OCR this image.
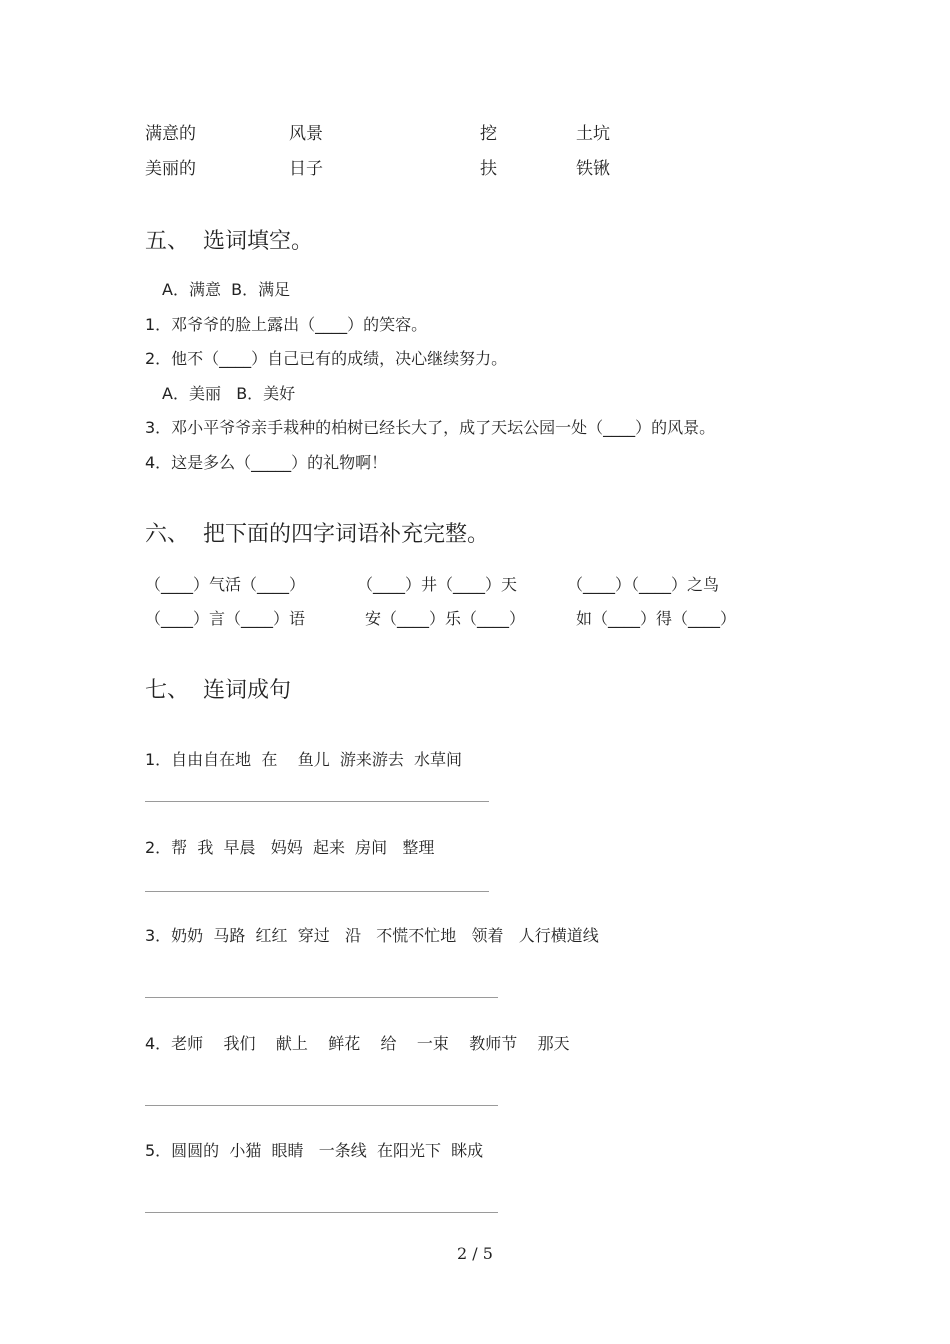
满意的	风景	挖	土坑
美丽的	日子	扶	铁锹
五、  选词填空。
A．满意  B．满足
1．邓爷爷的脸上露出（____）的笑容。
2．他不（____）自己已有的成绩，决心继续努力。
A．美丽   B．美好
3．邓小平爷爷亲手栽种的柏树已经长大了，成了天坛公园一处（____）的风景。
4．这是多么（_____）的礼物啊！
六、  把下面的四字词语补充完整。
（____）气活（____）	（____）井（____）天	（____）（____）之鸟
（____）言（____）语	安（____）乐（____）	如（____）得（____）
七、  连词成句
1．自由自在地  在    鱼儿  游来游去  水草间
2．帮  我  早晨   妈妈  起来  房间   整理
3．奶奶  马路  红红  穿过   沿   不慌不忙地   领着   人行横道线
4．老师    我们    献上    鲜花    给    一束    教师节    那天
5．圆圆的  小猫  眼睛   一条线  在阳光下  眯成
2 / 5
